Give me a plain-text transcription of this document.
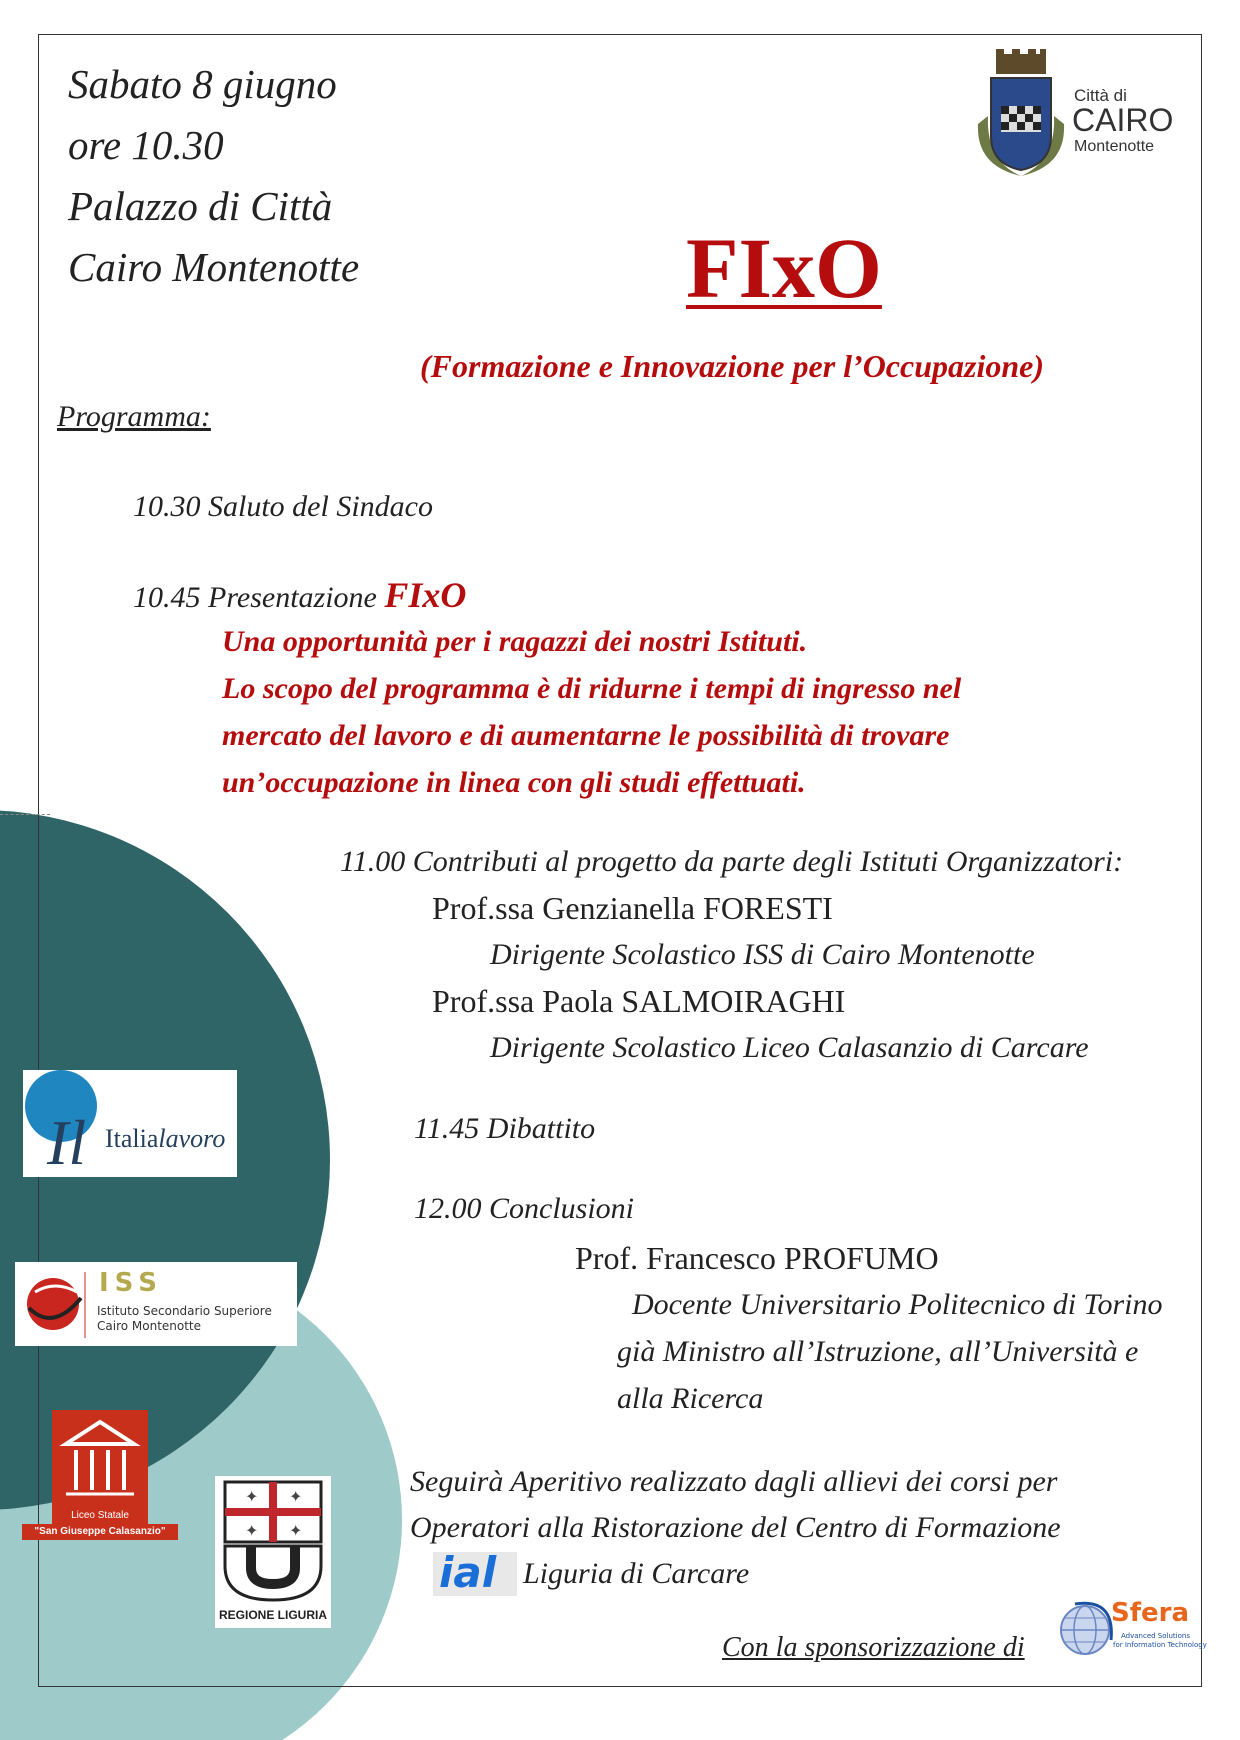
Sabato 8 giugno
ore 10.30
Palazzo di Città
Cairo Montenotte
Città di
CAIRO
Montenotte
FIxO
(Formazione e Innovazione per l’Occupazione)
Programma:
10.30 Saluto del Sindaco
10.45 Presentazione FIxO
Una opportunità per i ragazzi dei nostri Istituti.
Lo scopo del programma è di ridurne i tempi di ingresso nel
mercato del lavoro e di aumentarne le possibilità di trovare
un’occupazione in linea con gli studi effettuati.
11.00 Contributi al progetto da parte degli Istituti Organizzatori:
Prof.ssa Genzianella FORESTI
Dirigente Scolastico ISS di Cairo Montenotte
Prof.ssa Paola SALMOIRAGHI
Dirigente Scolastico Liceo Calasanzio di Carcare
11.45 Dibattito
12.00 Conclusioni
Prof. Francesco PROFUMO
Docente Universitario Politecnico di Torino
già Ministro all’Istruzione, all’Università e
alla Ricerca
Seguirà Aperitivo realizzato dagli allievi dei corsi per
Operatori alla Ristorazione del Centro di Formazione
ial Liguria di Carcare
Con la sponsorizzazione di
Sfera
Advanced Solutions
for Information Technology
Il Italialavoro
ISS
Istituto Secondario Superiore
Cairo Montenotte
Liceo Statale
"San Giuseppe Calasanzio"
✦ ✦
✦ ✦
REGIONE LIGURIA
